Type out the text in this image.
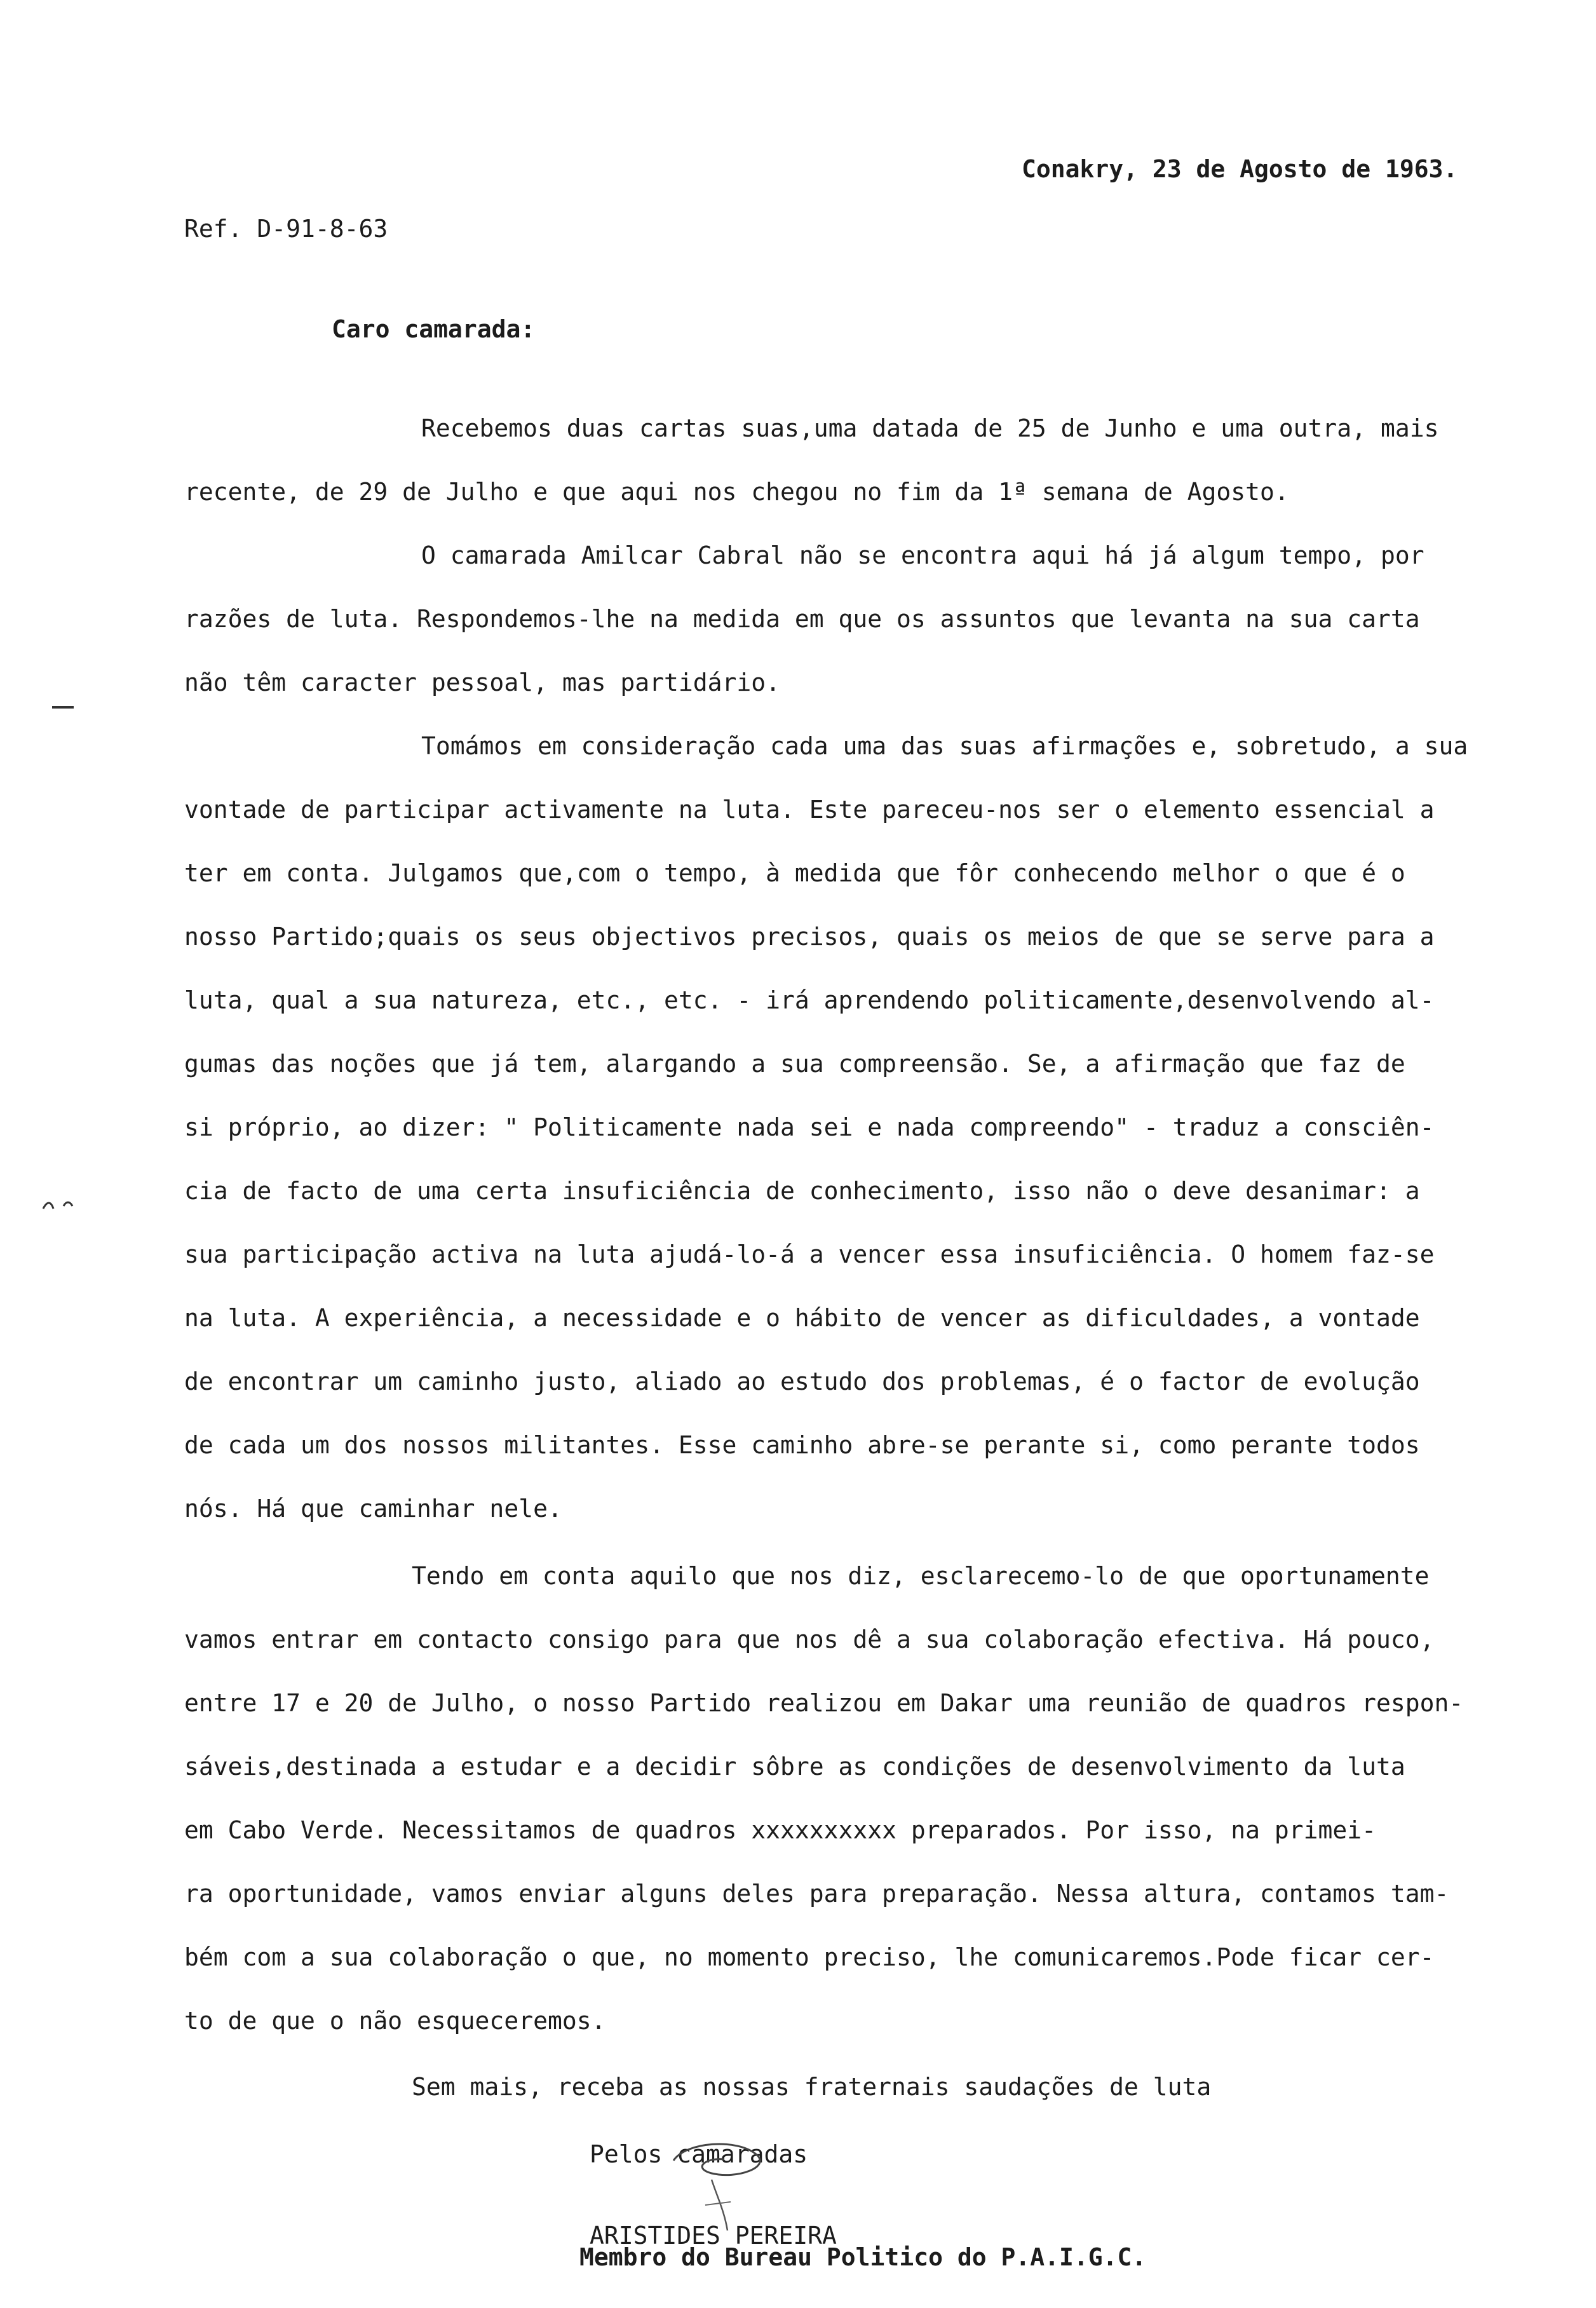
Conakry, 23 de Agosto de 1963.
Ref. D-91-8-63
Caro camarada:
Recebemos duas cartas suas,uma datada de 25 de Junho e uma outra, mais
recente, de 29 de Julho e que aqui nos chegou no fim da 1ª semana de Agosto.
O camarada Amilcar Cabral não se encontra aqui há já algum tempo, por
razões de luta. Respondemos-lhe na medida em que os assuntos que levanta na sua carta
não têm caracter pessoal, mas partidário.
Tomámos em consideração cada uma das suas afirmações e, sobretudo, a sua
vontade de participar activamente na luta. Este pareceu-nos ser o elemento essencial a
ter em conta. Julgamos que,com o tempo, à medida que fôr conhecendo melhor o que é o
nosso Partido;quais os seus objectivos precisos, quais os meios de que se serve para a
luta, qual a sua natureza, etc., etc. - irá aprendendo politicamente,desenvolvendo al-
gumas das noções que já tem, alargando a sua compreensão. Se, a afirmação que faz de
si próprio, ao dizer: " Politicamente nada sei e nada compreendo" - traduz a consciên-
cia de facto de uma certa insuficiência de conhecimento, isso não o deve desanimar: a
sua participação activa na luta ajudá-lo-á a vencer essa insuficiência. O homem faz-se
na luta. A experiência, a necessidade e o hábito de vencer as dificuldades, a vontade
de encontrar um caminho justo, aliado ao estudo dos problemas, é o factor de evolução
de cada um dos nossos militantes. Esse caminho abre-se perante si, como perante todos
nós. Há que caminhar nele.
Tendo em conta aquilo que nos diz, esclarecemo-lo de que oportunamente
vamos entrar em contacto consigo para que nos dê a sua colaboração efectiva. Há pouco,
entre 17 e 20 de Julho, o nosso Partido realizou em Dakar uma reunião de quadros respon-
sáveis,destinada a estudar e a decidir sôbre as condições de desenvolvimento da luta
em Cabo Verde. Necessitamos de quadros xxxxxxxxxx preparados. Por isso, na primei-
ra oportunidade, vamos enviar alguns deles para preparação. Nessa altura, contamos tam-
bém com a sua colaboração o que, no momento preciso, lhe comunicaremos.Pode ficar cer-
to de que o não esqueceremos.
Sem mais, receba as nossas fraternais saudações de luta
Pelos camaradas
ARISTIDES PEREIRA
Membro do Bureau Politico do P.A.I.G.C.
